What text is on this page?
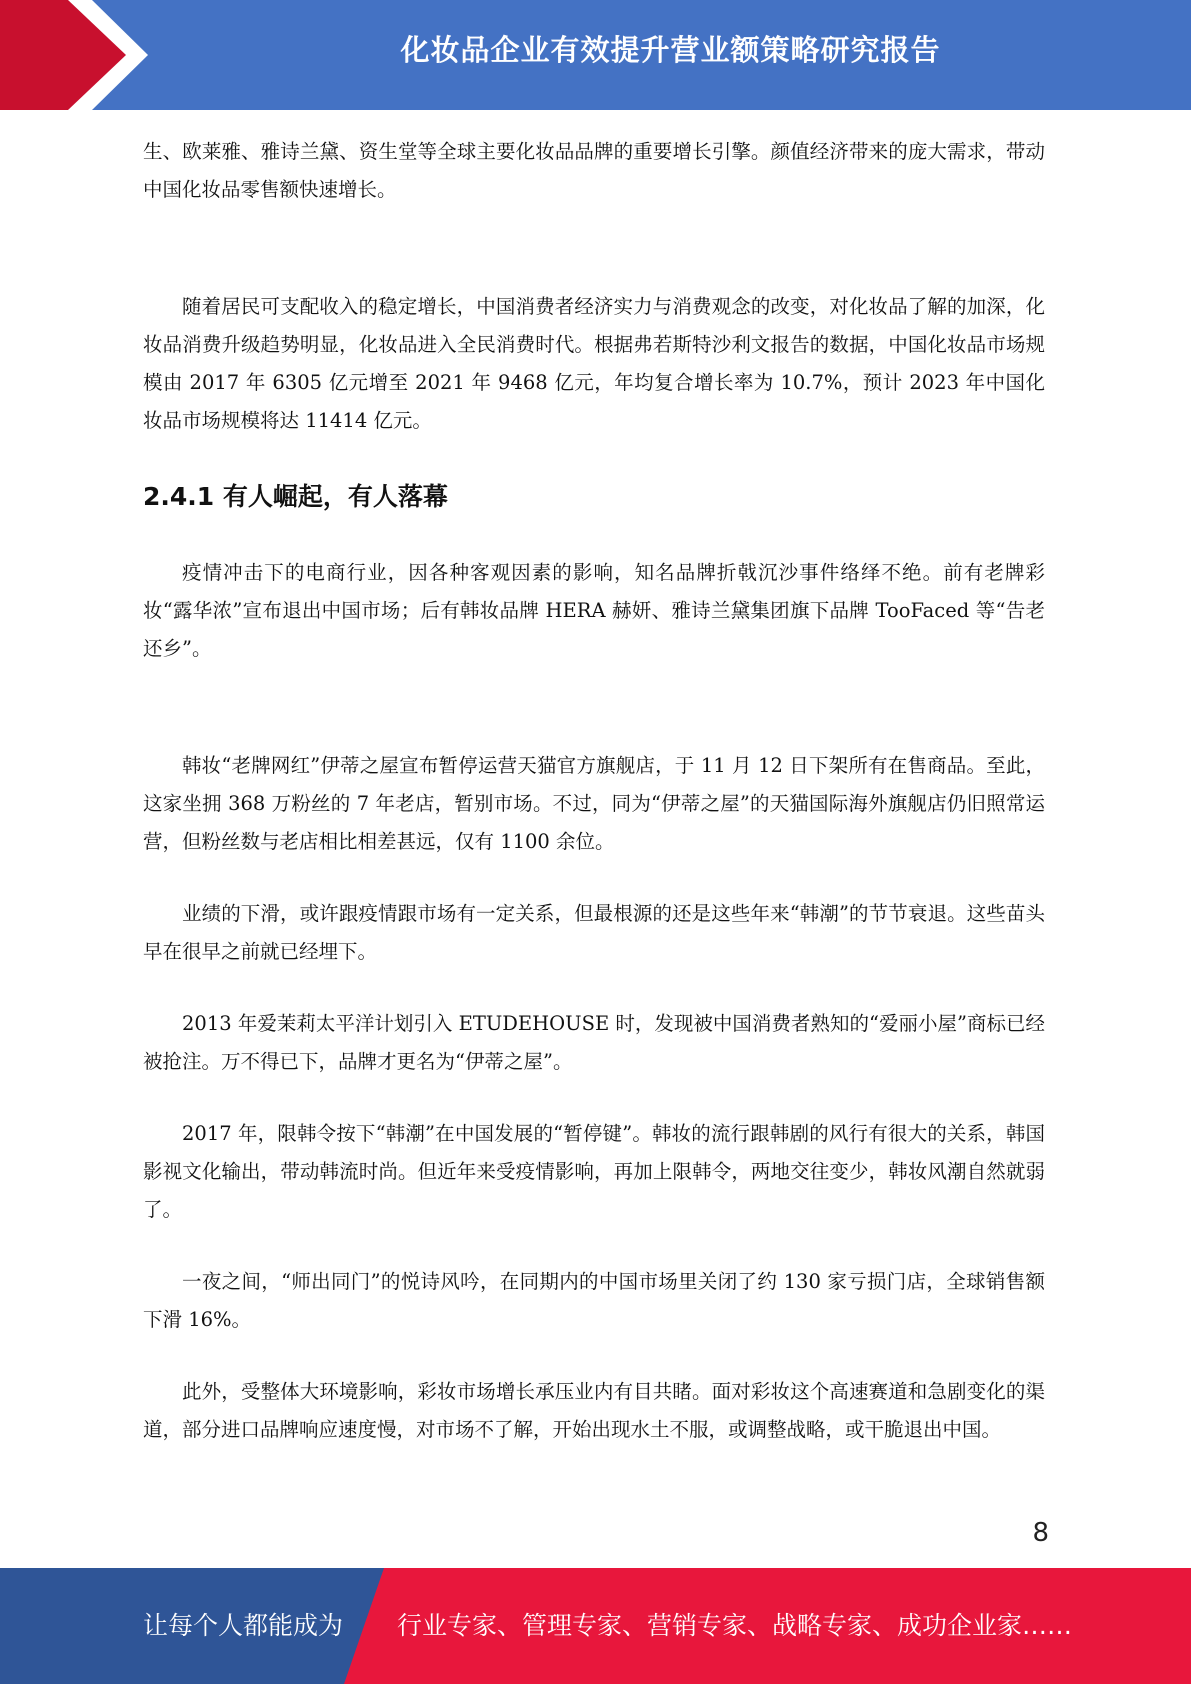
化妆品企业有效提升营业额策略研究报告

生、欧莱雅、雅诗兰黛、资生堂等全球主要化妆品品牌的重要增长引擎。颜值经济带来的庞大需求，带动中国化妆品零售额快速增长。

随着居民可支配收入的稳定增长，中国消费者经济实力与消费观念的改变，对化妆品了解的加深，化妆品消费升级趋势明显，化妆品进入全民消费时代。根据弗若斯特沙利文报告的数据，中国化妆品市场规模由 2017 年 6305 亿元增至 2021 年 9468 亿元，年均复合增长率为 10.7%，预计 2023 年中国化妆品市场规模将达 11414 亿元。

2.4.1 有人崛起，有人落幕

疫情冲击下的电商行业，因各种客观因素的影响，知名品牌折戟沉沙事件络绎不绝。前有老牌彩妆“露华浓”宣布退出中国市场；后有韩妆品牌 HERA 赫妍、雅诗兰黛集团旗下品牌 TooFaced 等“告老还乡”。

韩妆“老牌网红”伊蒂之屋宣布暂停运营天猫官方旗舰店，于 11 月 12 日下架所有在售商品。至此，这家坐拥 368 万粉丝的 7 年老店，暂别市场。不过，同为“伊蒂之屋”的天猫国际海外旗舰店仍旧照常运营，但粉丝数与老店相比相差甚远，仅有 1100 余位。

业绩的下滑，或许跟疫情跟市场有一定关系，但最根源的还是这些年来“韩潮”的节节衰退。这些苗头早在很早之前就已经埋下。

2013 年爱茉莉太平洋计划引入 ETUDEHOUSE 时，发现被中国消费者熟知的“爱丽小屋”商标已经被抢注。万不得已下，品牌才更名为“伊蒂之屋”。

2017 年，限韩令按下“韩潮”在中国发展的“暂停键”。韩妆的流行跟韩剧的风行有很大的关系，韩国影视文化输出，带动韩流时尚。但近年来受疫情影响，再加上限韩令，两地交往变少，韩妆风潮自然就弱了。

一夜之间，“师出同门”的悦诗风吟，在同期内的中国市场里关闭了约 130 家亏损门店，全球销售额下滑 16%。

此外，受整体大环境影响，彩妆市场增长承压业内有目共睹。面对彩妆这个高速赛道和急剧变化的渠道，部分进口品牌响应速度慢，对市场不了解，开始出现水土不服，或调整战略，或干脆退出中国。

8
让每个人都能成为 行业专家、管理专家、营销专家、战略专家、成功企业家……
